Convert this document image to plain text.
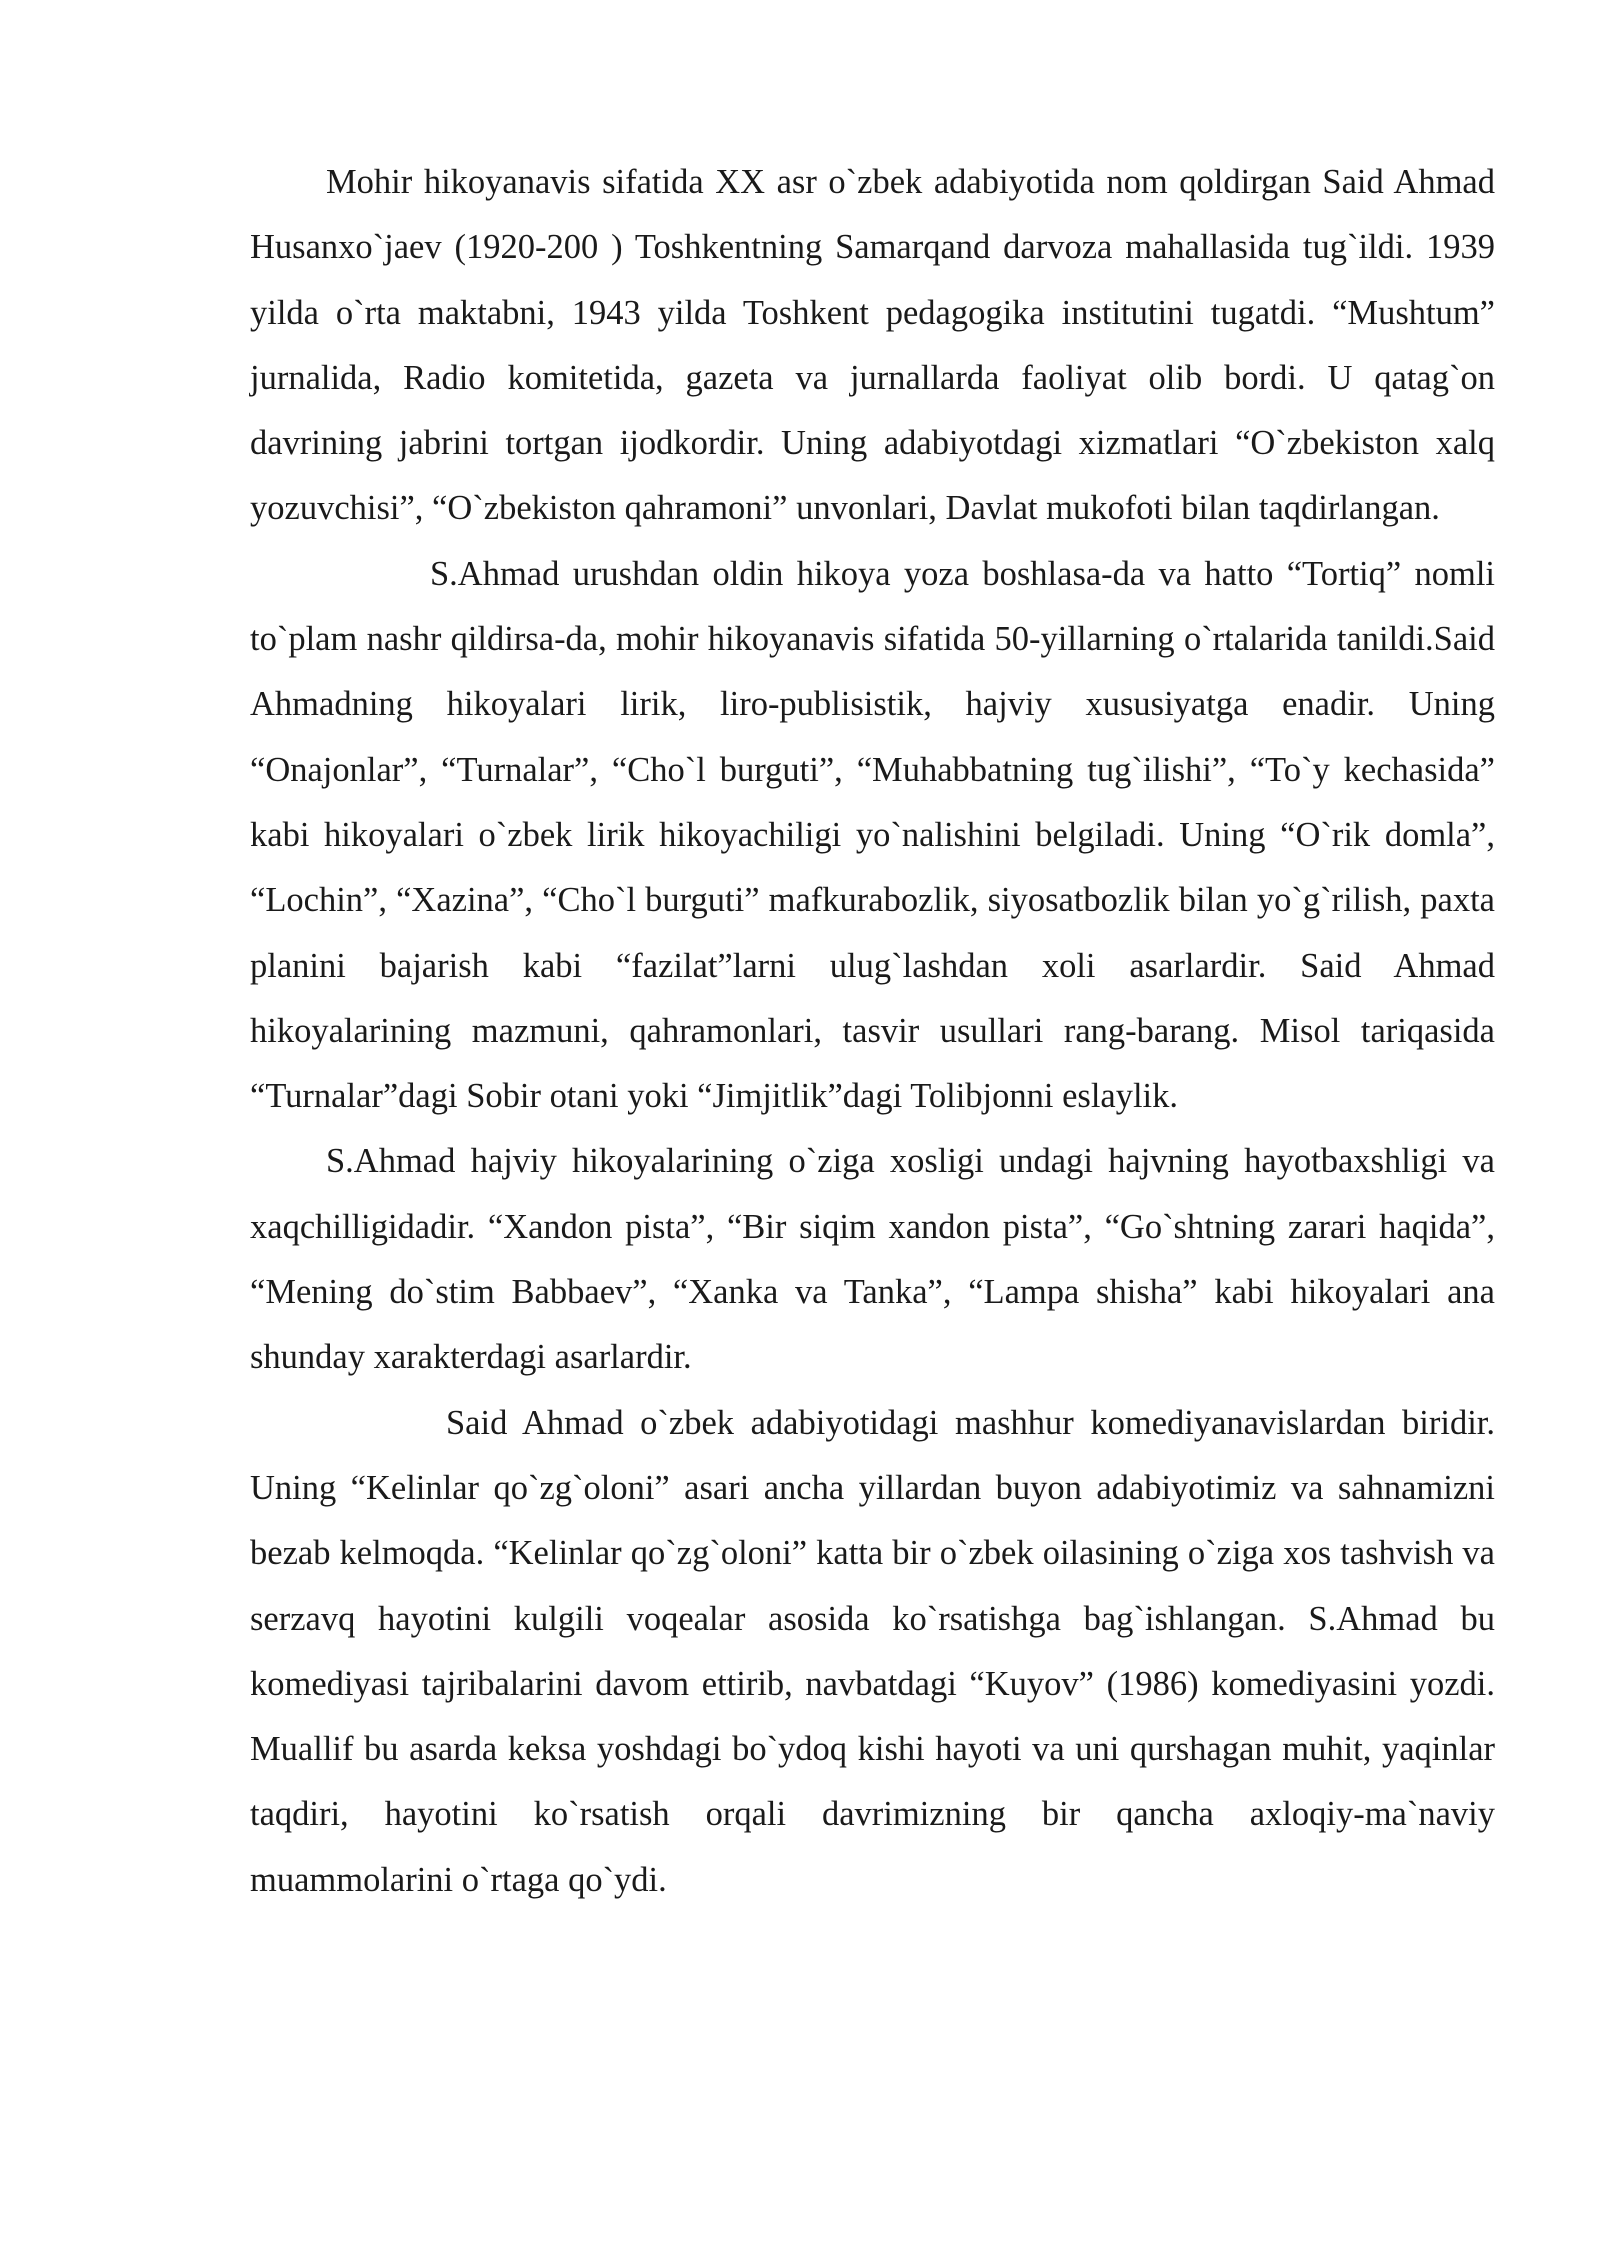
Mohir hikoyanavis sifatida XX asr o`zbek adabiyotida nom qoldirgan Said Ahmad Husanxo`jaev (1920-200 ) Toshkentning Samarqand darvoza mahallasida tug`ildi. 1939 yilda o`rta maktabni, 1943 yilda Toshkent pedagogika institutini tugatdi. “Mushtum” jurnalida, Radio komitetida, gazeta va jurnallarda faoliyat olib bordi. U qatag`on davrining jabrini tortgan ijodkordir. Uning adabiyotdagi xizmatlari “O`zbekiston xalq yozuvchisi”, “O`zbekiston qahramoni” unvonlari, Davlat mukofoti bilan taqdirlangan.

S.Ahmad urushdan oldin hikoya yoza boshlasa-da va hatto “Tortiq” nomli to`plam nashr qildirsa-da, mohir hikoyanavis sifatida 50-yillarning o`rtalarida tanildi.Said Ahmadning hikoyalari lirik, liro-publisistik, hajviy xususiyatga enadir. Uning “Onajonlar”, “Turnalar”, “Cho`l burguti”, “Muhabbatning tug`ilishi”, “To`y kechasida” kabi hikoyalari o`zbek lirik hikoyachiligi yo`nalishini belgiladi. Uning “O`rik domla”, “Lochin”, “Xazina”, “Cho`l burguti” mafkurabozlik, siyosatbozlik bilan yo`g`rilish, paxta planini bajarish kabi “fazilat”larni ulug`lashdan xoli asarlardir. Said Ahmad hikoyalarining mazmuni, qahramonlari, tasvir usullari rang-barang. Misol tariqasida “Turnalar”dagi Sobir otani yoki “Jimjitlik”dagi Tolibjonni eslaylik.

S.Ahmad hajviy hikoyalarining o`ziga xosligi undagi hajvning hayotbaxshligi va xaqchilligidadir. “Xandon pista”, “Bir siqim xandon pista”, “Go`shtning zarari haqida”, “Mening do`stim Babbaev”, “Xanka va Tanka”, “Lampa shisha” kabi hikoyalari ana shunday xarakterdagi asarlardir.

Said Ahmad o`zbek adabiyotidagi mashhur komediyanavislardan biridir. Uning “Kelinlar qo`zg`oloni” asari ancha yillardan buyon adabiyotimiz va sahnamizni bezab kelmoqda. “Kelinlar qo`zg`oloni” katta bir o`zbek oilasining o`ziga xos tashvish va serzavq hayotini kulgili voqealar asosida ko`rsatishga bag`ishlangan. S.Ahmad bu komediyasi tajribalarini davom ettirib, navbatdagi “Kuyov” (1986) komediyasini yozdi. Muallif bu asarda keksa yoshdagi bo`ydoq kishi hayoti va uni qurshagan muhit, yaqinlar taqdiri, hayotini ko`rsatish orqali davrimizning bir qancha axloqiy-ma`naviy muammolarini o`rtaga qo`ydi.
